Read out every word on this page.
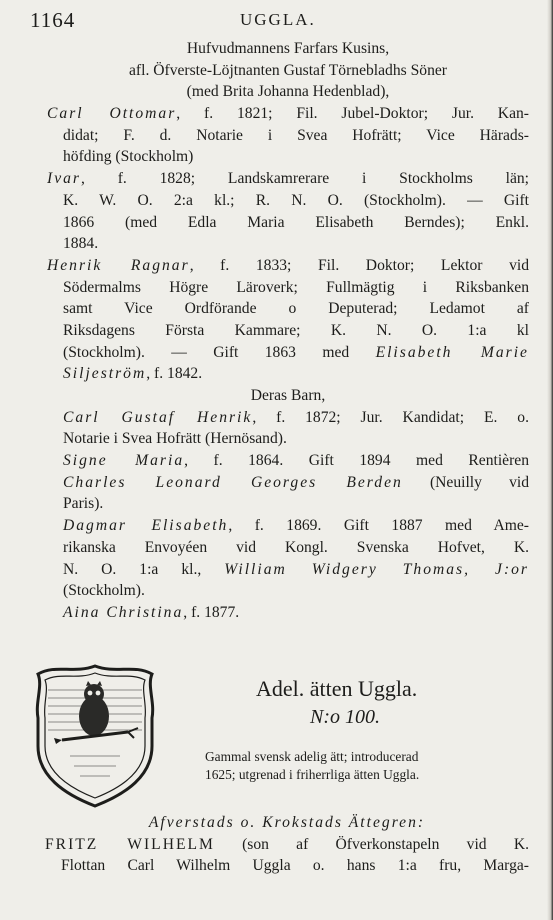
1164	UGGLA.
Hufvudmannens Farfars Kusins,
afl. Öfverste-Löjtnanten Gustaf Törnebladhs Söner
(med Brita Johanna Hedenblad),
Carl Ottomar, f. 1821; Fil. Jubel-Doktor; Jur. Kan-
didat; F. d. Notarie i Svea Hofrätt; Vice Härads-
höfding (Stockholm)
Ivar, f. 1828; Landskamrerare i Stockholms län;
K. W. O. 2:a kl.; R. N. O. (Stockholm). — Gift
1866 (med Edla Maria Elisabeth Berndes); Enkl.
1884.
Henrik Ragnar, f. 1833; Fil. Doktor; Lektor vid
Södermalms Högre Läroverk; Fullmägtig i Riksbanken
samt Vice Ordförande o Deputerad; Ledamot af
Riksdagens Första Kammare; K. N. O. 1:a kl
(Stockholm). — Gift 1863 med Elisabeth Marie
Siljeström, f. 1842.
Deras Barn,
Carl Gustaf Henrik, f. 1872; Jur. Kandidat; E. o.
Notarie i Svea Hofrätt (Hernösand).
Signe Maria, f. 1864. Gift 1894 med Rentièren
Charles Leonard Georges Berden (Neuilly vid
Paris).
Dagmar Elisabeth, f. 1869. Gift 1887 med Ame-
rikanska Envoyéen vid Kongl. Svenska Hofvet, K.
N. O. 1:a kl., William Widgery Thomas, J:or
(Stockholm).
Aina Christina, f. 1877.
Adel. ätten Uggla.
N:o 100.
Gammal svensk adelig ätt; introducerad
1625; utgrenad i friherrliga ätten Uggla.
Afverstads o. Krokstads Ättegren:
FRITZ WILHELM (son af Öfverkonstapeln vid K.
Flottan Carl Wilhelm Uggla o. hans 1:a fru, Marga-
